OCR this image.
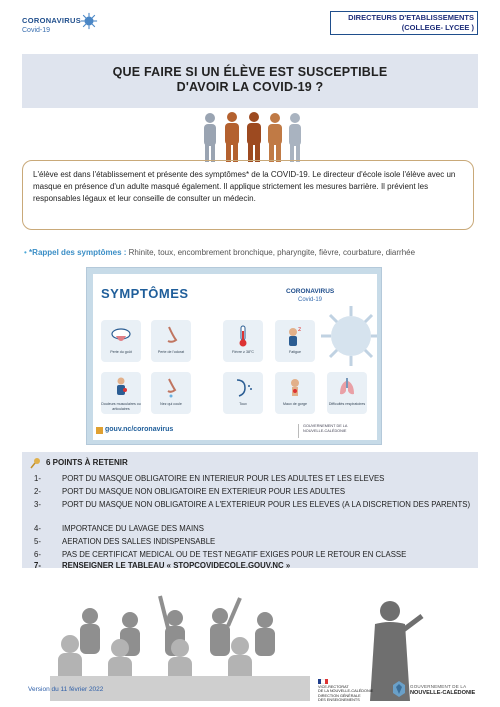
CORONAVIRUS
Covid-19
DIRECTEURS D'ETABLISSEMENTS
(COLLEGE- LYCEE )
QUE FAIRE SI UN ÉLÈVE EST SUSCEPTIBLE
D'AVOIR LA COVID-19 ?

L'élève est dans l'établissement et présente des symptômes* de la COVID-19. Le directeur d'école isole l'élève avec un masque en présence d'un adulte masqué également. Il applique strictement les mesures barrière. Il prévient les responsables légaux et leur conseille de consulter un médecin.

• *Rappel des symptômes : Rhinite, toux, encombrement bronchique, pharyngite, fièvre, courbature, diarrhée
SYMPTÔMES	CORONAVIRUS
Covid-19
Perte du goût	Perte de l'odorat	Fièvre ≥ 38°C
z
Fatigue
Douleurs musculaires ou articulaires
Nez qui coule	Toux	Maux de gorge	Difficultés respiratoires
gouv.nc/coronavirus	GOUVERNEMENT DE LA
NOUVELLE-CALÉDONIE
6 POINTS À RETENIR
1-	PORT DU MASQUE OBLIGATOIRE EN INTERIEUR POUR LES ADULTES ET LES ELEVES
2-	PORT DU MASQUE NON OBLIGATOIRE EN EXTERIEUR POUR LES ADULTES
3-	PORT DU MASQUE NON OBLIGATOIRE A L'EXTERIEUR POUR LES ELEVES (A LA DISCRETION DES PARENTS)
4-	IMPORTANCE DU LAVAGE DES MAINS
5-	AERATION DES SALLES INDISPENSABLE
6-	PAS DE CERTIFICAT MEDICAL OU DE TEST NEGATIF EXIGES POUR LE RETOUR EN CLASSE
7-	RENSEIGNER LE TABLEAU « STOPCOVIDECOLE.GOUV.NC »
Version du 11 février 2022	VICE-RECTORAT
DE LA NOUVELLE-CALÉDONIE
DIRECTION GÉNÉRALE
DES ENSEIGNEMENTS
GOUVERNEMENT DE LA
NOUVELLE-CALÉDONIE
